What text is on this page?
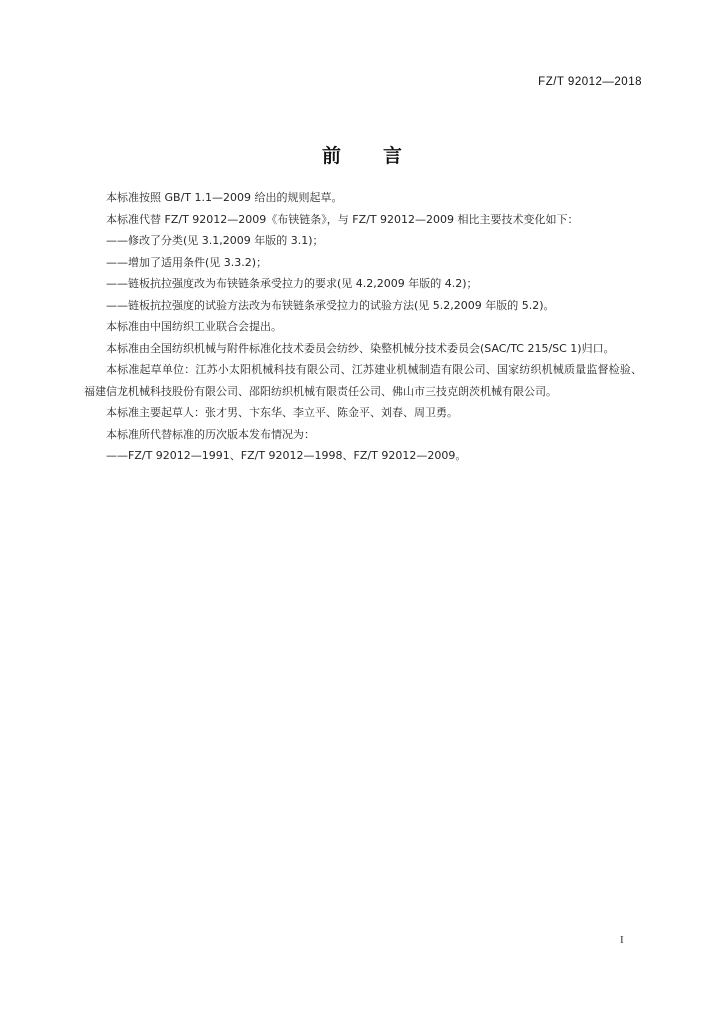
FZ/T 92012—2018
前言

本标准按照 GB/T 1.1—2009 给出的规则起草。

本标准代替 FZ/T 92012—2009《布铗链条》，与 FZ/T 92012—2009 相比主要技术变化如下：

——修改了分类(见 3.1,2009 年版的 3.1)；

——增加了适用条件(见 3.3.2)；

——链板抗拉强度改为布铗链条承受拉力的要求(见 4.2,2009 年版的 4.2)；

——链板抗拉强度的试验方法改为布铗链条承受拉力的试验方法(见 5.2,2009 年版的 5.2)。

本标准由中国纺织工业联合会提出。

本标准由全国纺织机械与附件标准化技术委员会纺纱、染整机械分技术委员会(SAC/TC 215/SC 1)归口。

本标准起草单位：江苏小太阳机械科技有限公司、江苏建业机械制造有限公司、国家纺织机械质量监督检验、福建信龙机械科技股份有限公司、邵阳纺织机械有限责任公司、佛山市三技克朗茨机械有限公司。

本标准主要起草人：张才男、卞东华、李立平、陈金平、刘春、周卫勇。

本标准所代替标准的历次版本发布情况为：

——FZ/T 92012—1991、FZ/T 92012—1998、FZ/T 92012—2009。

I
